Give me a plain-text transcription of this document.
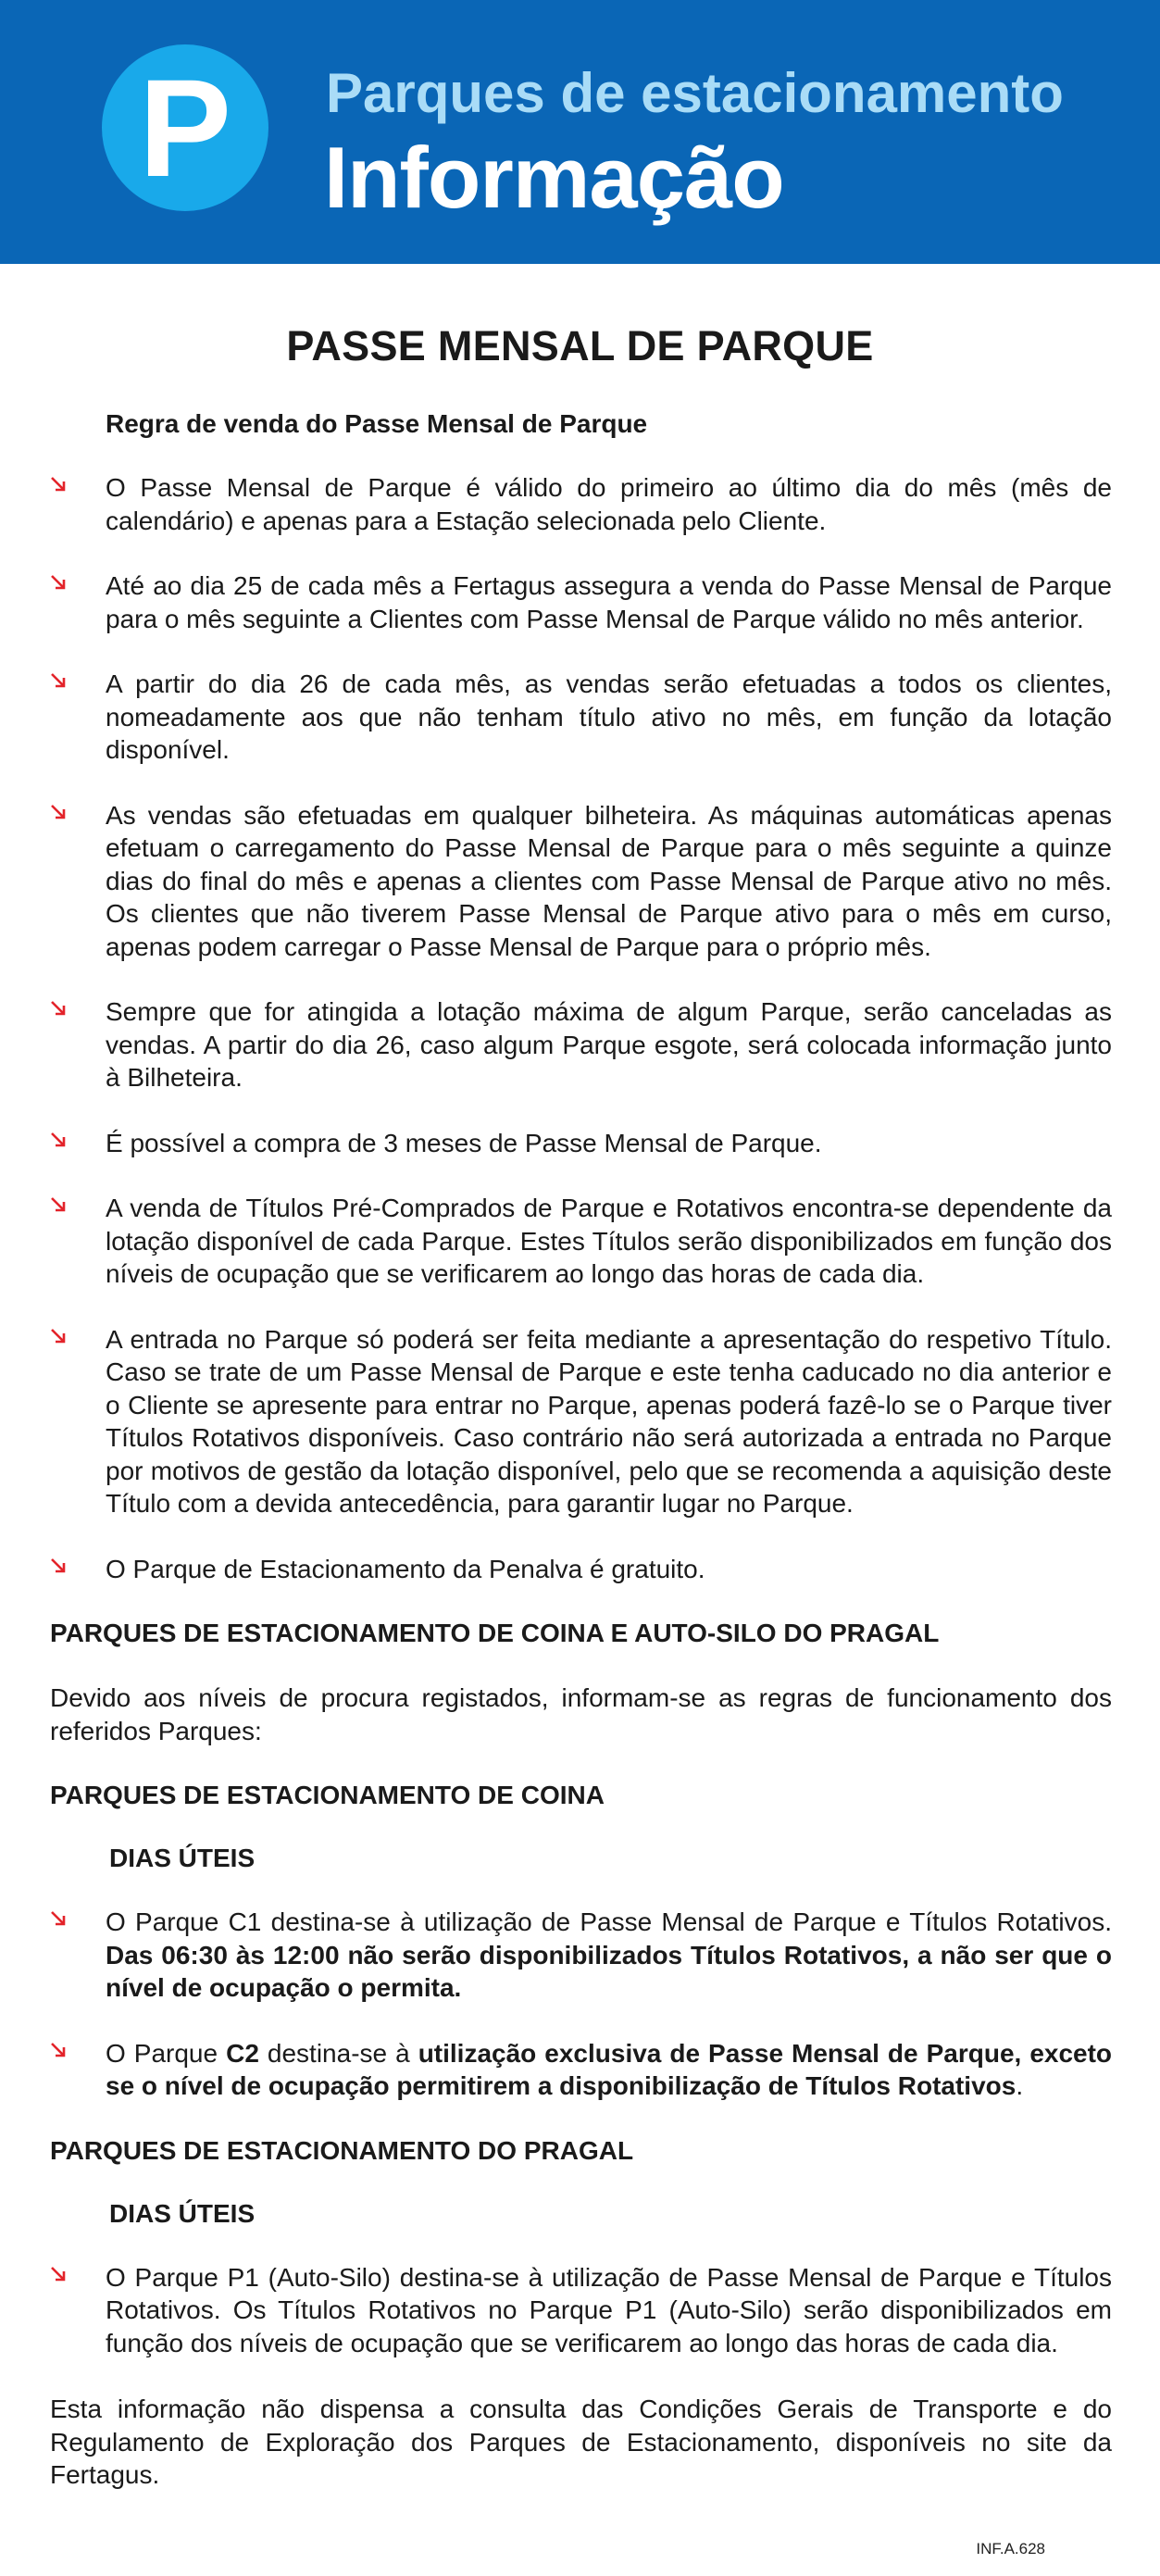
P	Parques de estacionamento
Informação
PASSE MENSAL DE PARQUE
Regra de venda do Passe Mensal de Parque
O Passe Mensal de Parque é válido do primeiro ao último dia do mês (mês de calendário) e apenas para a Estação selecionada pelo Cliente.
Até ao dia 25 de cada mês a Fertagus assegura a venda do Passe Mensal de Parque para o mês seguinte a Clientes com Passe Mensal de Parque válido no mês anterior.
A partir do dia 26 de cada mês, as vendas serão efetuadas a todos os clientes, nomeadamente aos que não tenham título ativo no mês, em função da lotação disponível.
As vendas são efetuadas em qualquer bilheteira. As máquinas automáticas apenas efetuam o carregamento do Passe Mensal de Parque para o mês seguinte a quinze dias do final do mês e apenas a clientes com Passe Mensal de Parque ativo no mês. Os clientes que não tiverem Passe Mensal de Parque ativo para o mês em curso, apenas podem carregar o Passe Mensal de Parque para o próprio mês.
Sempre que for atingida a lotação máxima de algum Parque, serão canceladas as vendas. A partir do dia 26, caso algum Parque esgote, será colocada informação junto à Bilheteira.
É possível a compra de 3 meses de Passe Mensal de Parque.
A venda de Títulos Pré-Comprados de Parque e Rotativos encontra-se dependente da lotação disponível de cada Parque. Estes Títulos serão disponibilizados em função dos níveis de ocupação que se verificarem ao longo das horas de cada dia.
A entrada no Parque só poderá ser feita mediante a apresentação do respetivo Título. Caso se trate de um Passe Mensal de Parque e este tenha caducado no dia anterior e o Cliente se apresente para entrar no Parque, apenas poderá fazê-lo se o Parque tiver Títulos Rotativos disponíveis. Caso contrário não será autorizada a entrada no Parque por motivos de gestão da lotação disponível, pelo que se recomenda a aquisição deste Título com a devida antecedência, para garantir lugar no Parque.
O Parque de Estacionamento da Penalva é gratuito.
PARQUES DE ESTACIONAMENTO DE COINA E AUTO-SILO DO PRAGAL
Devido aos níveis de procura registados, informam-se as regras de funcionamento dos referidos Parques:
PARQUES DE ESTACIONAMENTO DE COINA
DIAS ÚTEIS
O Parque C1 destina-se à utilização de Passe Mensal de Parque e Títulos Rotativos. Das 06:30 às 12:00 não serão disponibilizados Títulos Rotativos, a não ser que o nível de ocupação o permita.
O Parque C2 destina-se à utilização exclusiva de Passe Mensal de Parque, exceto se o nível de ocupação permitirem a disponibilização de Títulos Rotativos.
PARQUES DE ESTACIONAMENTO DO PRAGAL
DIAS ÚTEIS
O Parque P1 (Auto-Silo) destina-se à utilização de Passe Mensal de Parque e Títulos Rotativos. Os Títulos Rotativos no Parque P1 (Auto-Silo) serão disponibilizados em função dos níveis de ocupação que se verificarem ao longo das horas de cada dia.
Esta informação não dispensa a consulta das Condições Gerais de Transporte e do Regulamento de Exploração dos Parques de Estacionamento, disponíveis no site da Fertagus.
INF.A.628
